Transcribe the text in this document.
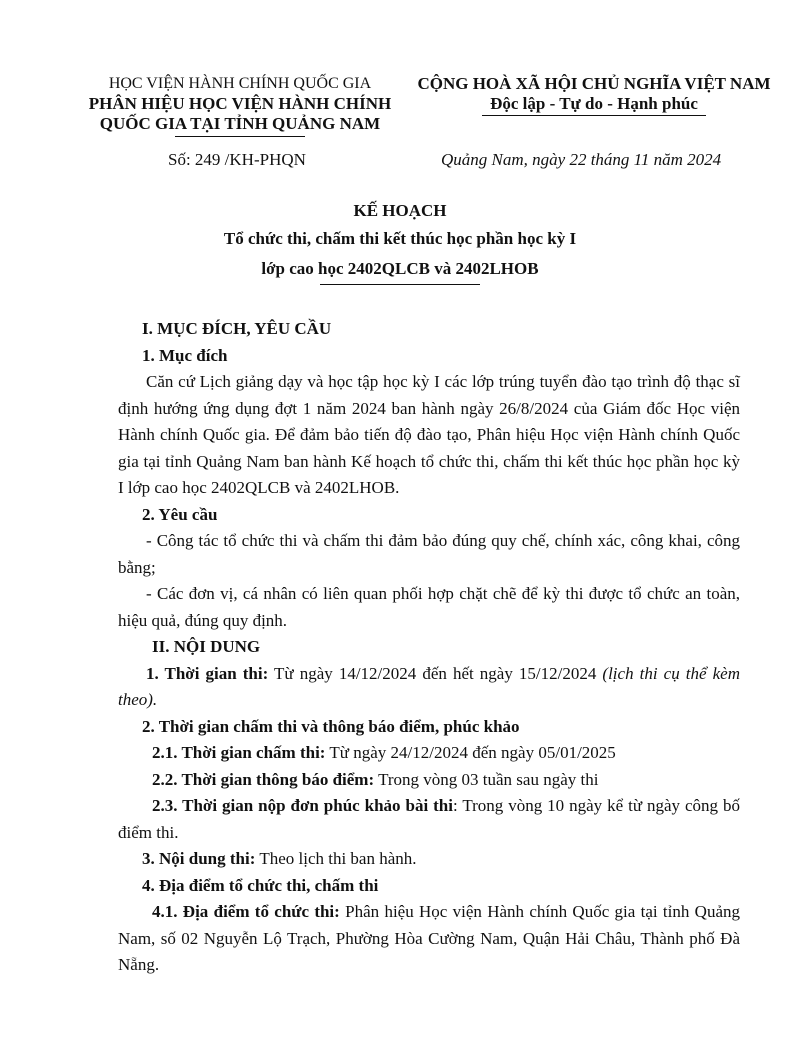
HỌC VIỆN HÀNH CHÍNH QUỐC GIA
PHÂN HIỆU HỌC VIỆN HÀNH CHÍNH
QUỐC GIA TẠI TỈNH QUẢNG NAM
CỘNG HOÀ XÃ HỘI CHỦ NGHĨA VIỆT NAM
Độc lập - Tự do - Hạnh phúc
Số: 249 /KH-PHQN	Quảng Nam, ngày 22 tháng 11 năm 2024
KẾ HOẠCH
Tổ chức thi, chấm thi kết thúc học phần học kỳ I
lớp cao học 2402QLCB và 2402LHOB

I. MỤC ĐÍCH, YÊU CẦU

1. Mục đích

Căn cứ Lịch giảng dạy và học tập học kỳ I các lớp trúng tuyển đào tạo trình độ thạc sĩ định hướng ứng dụng đợt 1 năm 2024 ban hành ngày 26/8/2024 của Giám đốc Học viện Hành chính Quốc gia. Để đảm bảo tiến độ đào tạo, Phân hiệu Học viện Hành chính Quốc gia tại tỉnh Quảng Nam ban hành Kế hoạch tổ chức thi, chấm thi kết thúc học phần học kỳ I lớp cao học 2402QLCB và 2402LHOB.

2. Yêu cầu

- Công tác tổ chức thi và chấm thi đảm bảo đúng quy chế, chính xác, công khai, công bằng;

- Các đơn vị, cá nhân có liên quan phối hợp chặt chẽ để kỳ thi được tổ chức an toàn, hiệu quả, đúng quy định.

II. NỘI DUNG

1. Thời gian thi: Từ ngày 14/12/2024 đến hết ngày 15/12/2024 (lịch thi cụ thể kèm theo).

2. Thời gian chấm thi và thông báo điểm, phúc khảo

2.1. Thời gian chấm thi: Từ ngày 24/12/2024 đến ngày 05/01/2025

2.2. Thời gian thông báo điểm: Trong vòng 03 tuần sau ngày thi

2.3. Thời gian nộp đơn phúc khảo bài thi: Trong vòng 10 ngày kể từ ngày công bố điểm thi.

3. Nội dung thi: Theo lịch thi ban hành.

4. Địa điểm tổ chức thi, chấm thi

4.1. Địa điểm tổ chức thi: Phân hiệu Học viện Hành chính Quốc gia tại tỉnh Quảng Nam, số 02 Nguyễn Lộ Trạch, Phường Hòa Cường Nam, Quận Hải Châu, Thành phố Đà Nẵng.
